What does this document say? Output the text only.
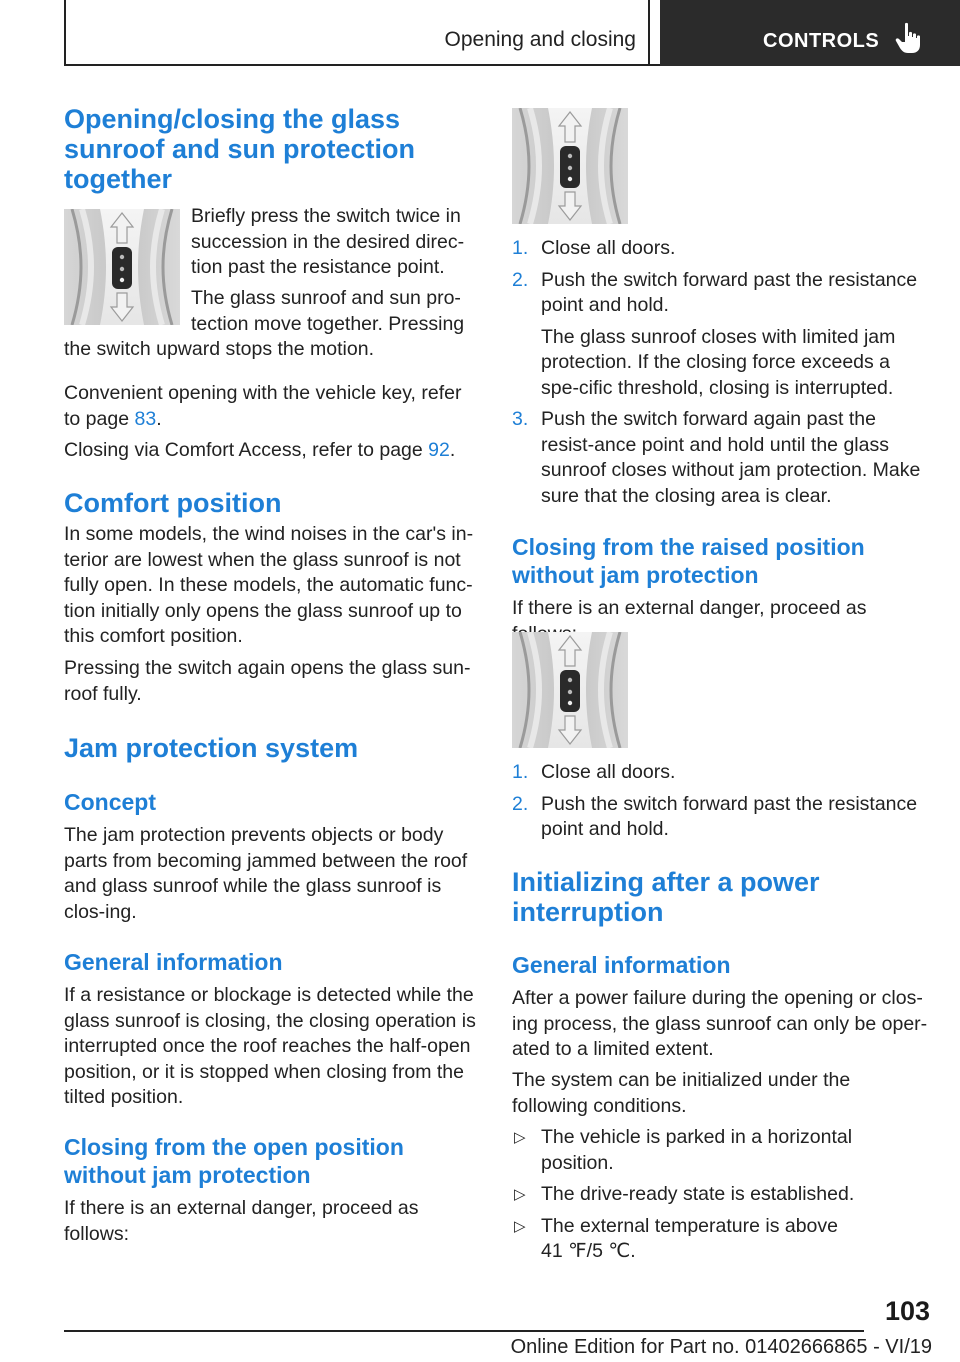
Opening and closing	CONTROLS

Opening/closing the glass sunroof and sun protection together

Briefly press the switch twice in

succession in the desired direc-

tion past the resistance point.

The glass sunroof and sun pro-

tection move together. Pressing

the switch upward stops the motion.

Convenient opening with the vehicle key, refer to page 83.

Closing via Comfort Access, refer to page 92.

Comfort position

In some models, the wind noises in the car's in-terior are lowest when the glass sunroof is not fully open. In these models, the automatic func-tion initially only opens the glass sunroof up to this comfort position.

Pressing the switch again opens the glass sun-roof fully.

Jam protection system

Concept

The jam protection prevents objects or body parts from becoming jammed between the roof and glass sunroof while the glass sunroof is clos-ing.

General information

If a resistance or blockage is detected while the glass sunroof is closing, the closing operation is interrupted once the roof reaches the half-open position, or it is stopped when closing from the tilted position.

Closing from the open position without jam protection

If there is an external danger, proceed as follows:

1. Close all doors.
2. Push the switch forward past the resistance point and hold.
The glass sunroof closes with limited jam protection. If the closing force exceeds a spe-cific threshold, closing is interrupted.
3. Push the switch forward again past the resist-ance point and hold until the glass sunroof closes without jam protection. Make sure that the closing area is clear.

Closing from the raised position without jam protection

If there is an external danger, proceed as

1. Close all doors.
2. Push the switch forward past the resistance point and hold.

Initializing after a power interruption

General information

After a power failure during the opening or clos-ing process, the glass sunroof can only be oper-ated to a limited extent.

The system can be initialized under the following conditions.

▷ The vehicle is parked in a horizontal position.
▷ The drive-ready state is established.
▷ The external temperature is above 41 ℉/5 ℃.
103
Online Edition for Part no. 01402666865 - VI/19
